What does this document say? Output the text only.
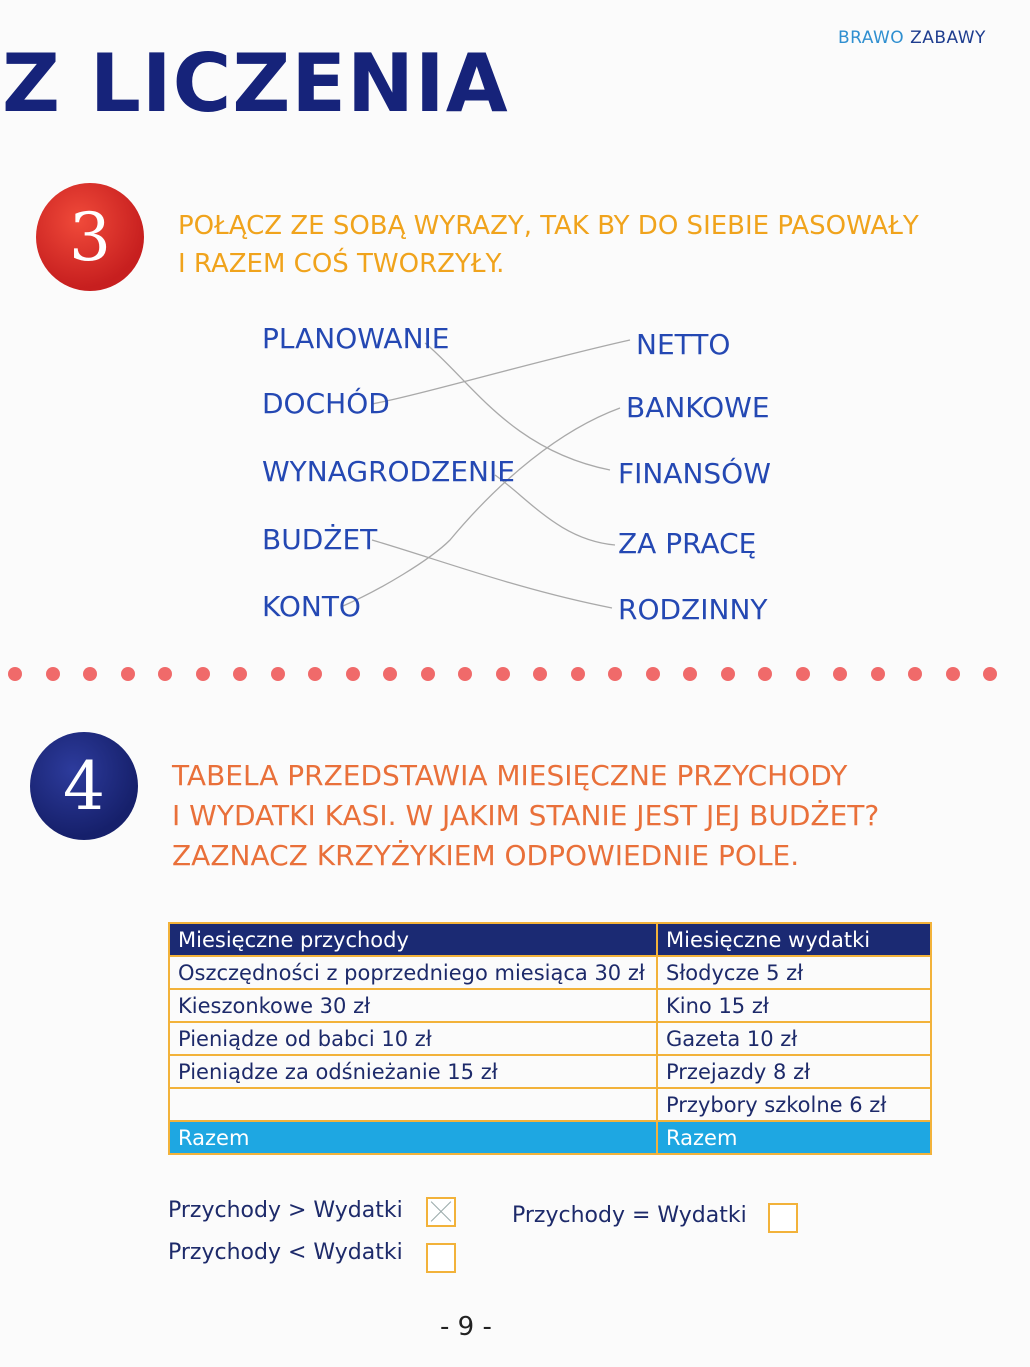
BRAWO ZABAWY
Z LICZENIA
3	POŁĄCZ ZE SOBĄ WYRAZY, TAK BY DO SIEBIE PASOWAŁY
I RAZEM COŚ TWORZYŁY.
PLANOWANIE
DOCHÓD
WYNAGRODZENIE
BUDŻET
KONTO
NETTO
BANKOWE
FINANSÓW
ZA PRACĘ
RODZINNY
4	TABELA PRZEDSTAWIA MIESIĘCZNE PRZYCHODY
I WYDATKI KASI. W JAKIM STANIE JEST JEJ BUDŻET?
ZAZNACZ KRZYŻYKIEM ODPOWIEDNIE POLE.
Miesięczne przychody	Miesięczne wydatki
Oszczędności z poprzedniego miesiąca 30 zł	Słodycze 5 zł
Kieszonkowe 30 zł	Kino 15 zł
Pieniądze od babci 10 zł	Gazeta 10 zł
Pieniądze za odśnieżanie 15 zł	Przejazdy 8 zł
	Przybory szkolne 6 zł
Razem	Razem
Przychody > Wydatki
Przychody < Wydatki
Przychody = Wydatki
- 9 -
